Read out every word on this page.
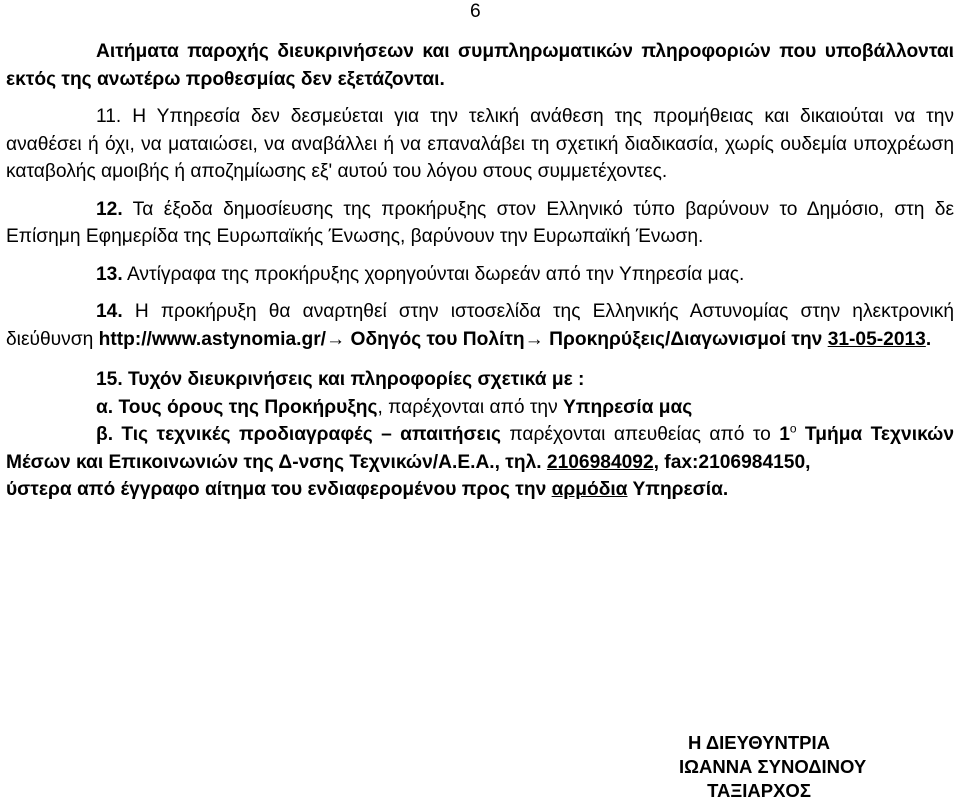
6

Αιτήματα παροχής διευκρινήσεων και συμπληρωματικών πληροφοριών που υποβάλλονται εκτός της ανωτέρω προθεσμίας δεν εξετάζονται.

11. Η Υπηρεσία δεν δεσμεύεται για την τελική ανάθεση της προμήθειας και δικαιούται να την αναθέσει ή όχι, να ματαιώσει, να αναβάλλει ή να επαναλάβει τη σχετική διαδικασία, χωρίς ουδεμία υποχρέωση καταβολής αμοιβής ή αποζημίωσης εξ' αυτού του λόγου στους συμμετέχοντες.

12. Τα έξοδα δημοσίευσης της προκήρυξης στον Ελληνικό τύπο βαρύνουν το Δημόσιο, στη δε Επίσημη Εφημερίδα της Ευρωπαϊκής Ένωσης, βαρύνουν την Ευρωπαϊκή Ένωση.

13. Αντίγραφα της προκήρυξης χορηγούνται δωρεάν από την Υπηρεσία μας.

14. Η προκήρυξη θα αναρτηθεί στην ιστοσελίδα της Ελληνικής Αστυνομίας στην ηλεκτρονική διεύθυνση http://www.astynomia.gr/→ Οδηγός του Πολίτη→ Προκηρύξεις/Διαγωνισμοί την 31-05-2013.

15. Τυχόν διευκρινήσεις και πληροφορίες σχετικά με :

α. Τους όρους της Προκήρυξης, παρέχονται από την Υπηρεσία μας

β. Τις τεχνικές προδιαγραφές – απαιτήσεις παρέχονται απευθείας από το $1^o$ Τμήμα Τεχνικών Μέσων και Επικοινωνιών της Δ-νσης Τεχνικών/Α.Ε.Α., τηλ. 2106984092, fax:2106984150,

ύστερα από έγγραφο αίτημα του ενδιαφερομένου προς την αρμόδια Υπηρεσία.

Η ΔΙΕΥΘΥΝΤΡΙΑ
ΙΩΑΝΝΑ ΣΥΝΟΔΙΝΟΥ
ΤΑΞΙΑΡΧΟΣ
